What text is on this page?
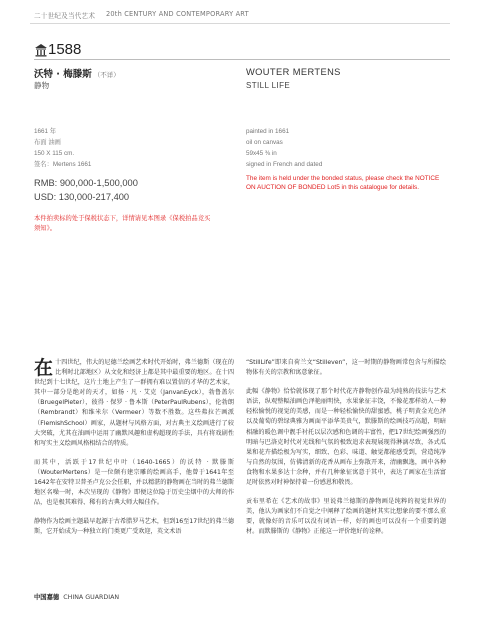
二十世纪及当代艺术 20th CENTURY AND CONTEMPORARY ART
1588
沃特 · 梅滕斯 （不详）
静物
WOUTER MERTENS
STILL LIFE
1661 年
布面 油画
150 X 115 cm.
签名：Mertens 1661
painted in 1661
oil on canvas
59x45 ⅜ in
signed in French and dated
RMB: 900,000-1,500,000
USD: 130,000-217,400
The item is held under the bonded status, please check the NOTICE ON AUCTION OF BONDED Lot5 in this catalogue for details.
本件拍卖标的处于保税状态下，详情请见本图录《保税拍品竞买须知》。

在十四世纪，伟大的尼德兰绘画艺术时代开始时，弗兰德斯（现在的比利时北部地区）从文化和经济上都是其中最重要的地区。在十四世纪到十七世纪，这片土地上产生了一群拥有难以置信的才华的艺术家，其中一部分是绝对的天才，如扬 · 凡 · 艾克（JanvanEyck），勃鲁盖尔（BruegelPieter），彼得 · 保罗 · 鲁本斯（PeterPaulRubens），伦勃朗（Rembrandt）和维米尔（Vermeer）等数不胜数。这些弗拉芒画派（FlemishSchool）画家，从题材与风格方面，对古典主义绘画进行了较大突破，尤其在油画中运用了幽默风趣和虚构超现的手法，具有将戏剧性和写实主义绘画风格相结合的特质。

而其中，活跃于17世纪中叶（1640-1665）的沃特 · 默滕斯（WouterMertens）是一位颇有建宗雕的绘画高手，他曾于1641年至1642年在安特卫普圣卢克公会任职，并以精湛的静物画在当时的弗兰德斯地区名噪一时，本次呈现的《静物》即便这位隐于历史尘烟中的大师的作品，也是极其难得、稀有的古典大师大幅佳作。

静物作为绘画主题最早起源于古希腊罗马艺术，但到16至17世纪的弗兰德斯，它开始成为一种独立的门类更广受欢迎，英文术语

“StillLife”即来自荷兰文“Stilleven”，这一时期的静物画常包含与所描绘物体有关的宗教和寓意象征。

此幅《静物》恰恰就体现了那个时代花卉静物创作最为纯熟的技法与艺术语法，纵观整幅油画色泽艳丽明快，水果象征丰饶，不像花那样幼人一种轻松愉悦的视觉的美感，而是一种轻松愉快的甜蜜感，桃子明黄金光色泽以及葡萄的碧绿典雅为画面平添华美贵气，默滕斯的绘画技巧高超，明暗相融的暖色调中靓手衬托以层次感和色调的丰富性，把17世纪绘画强烈的明暗与巴洛克时代对光线和气氛的极致追求表现展现得淋漓尽致，各式瓜果和花卉描绘极为写实，细致、色彩、味道、触觉都能感受到，营造纯净与自然的氛围，仿佛清新的花香从画布上弥散开来，清幽飘逸，画中各种食物和水果多达十余种，并有几种象征寓意于其中，表达了画家在生活富足时依然对时神保持着一份感恩和敬畏。

贡布里希在《艺术的故事》里说弗兰德斯的静物画是纯粹的视觉世界的美，他认为画家们不自觉之中阐释了绘画的题材其实比想象的要不那么重要，就像好的音乐可以没有词语一样，好的画也可以没有一个重要的题材。而默滕斯的《静物》正能这一评价绝好的诠释。

中国嘉德 CHINA GUARDIAN
